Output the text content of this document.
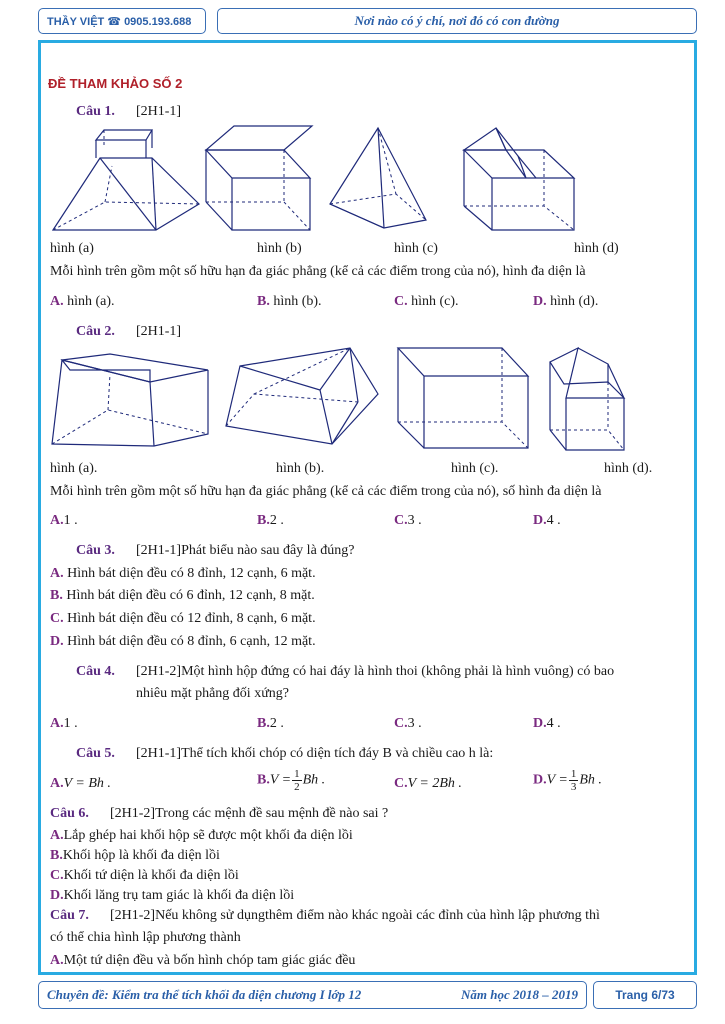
THẦY VIỆT ☎ 0905.193.688	Nơi nào có ý chí, nơi đó có con đường
ĐỀ THAM KHẢO SỐ 2
Câu 1. [2H1-1]
hình (a)	hình (b)	hình (c)	hình (d)
Mỗi hình trên gồm một số hữu hạn đa giác phẳng (kể cả các điểm trong của nó), hình đa diện là
A. hình (a).	B. hình (b).	C. hình (c).	D. hình (d).
Câu 2. [2H1-1]
hình (a).	hình (b).	hình (c).	hình (d).
Mỗi hình trên gồm một số hữu hạn đa giác phẳng (kể cả các điểm trong của nó), số hình đa diện là
A.1 .	B.2 .	C.3 .	D.4 .
Câu 3. [2H1-1]Phát biểu nào sau đây là đúng?
A. Hình bát diện đều có 8 đỉnh, 12 cạnh, 6 mặt.
B. Hình bát diện đều có 6 đỉnh, 12 cạnh, 8 mặt.
C. Hình bát diện đều có 12 đỉnh, 8 cạnh, 6 mặt.
D. Hình bát diện đều có 8 đỉnh, 6 cạnh, 12 mặt.
Câu 4. [2H1-2]Một hình hộp đứng có hai đáy là hình thoi (không phải là hình vuông) có bao
nhiêu mặt phẳng đối xứng?
A.1 .	B.2 .	C.3 .	D.4 .
Câu 5. [2H1-1]Thể tích khối chóp có diện tích đáy B và chiều cao h là:
A.V = Bh .	$B.V = \frac{1}{2}$ Bh .	C.V = 2Bh .	$D.V = \frac{1}{3}$ Bh .
Câu 6. [2H1-2]Trong các mệnh đề sau mệnh đề nào sai ?
A.Lắp ghép hai khối hộp sẽ được một khối đa diện lồi
B.Khối hộp là khối đa diện lồi
C.Khối tứ diện là khối đa diện lồi
D.Khối lăng trụ tam giác là khối đa diện lồi
Câu 7. [2H1-2]Nếu không sử dụngthêm điểm nào khác ngoài các đỉnh của hình lập phương thì
có thể chia hình lập phương thành
A.Một tứ diện đều và bốn hình chóp tam giác giác đều
Chuyên đề: Kiểm tra thể tích khối đa diện chương I lớp 12	Năm học 2018 – 2019	Trang 6/73
